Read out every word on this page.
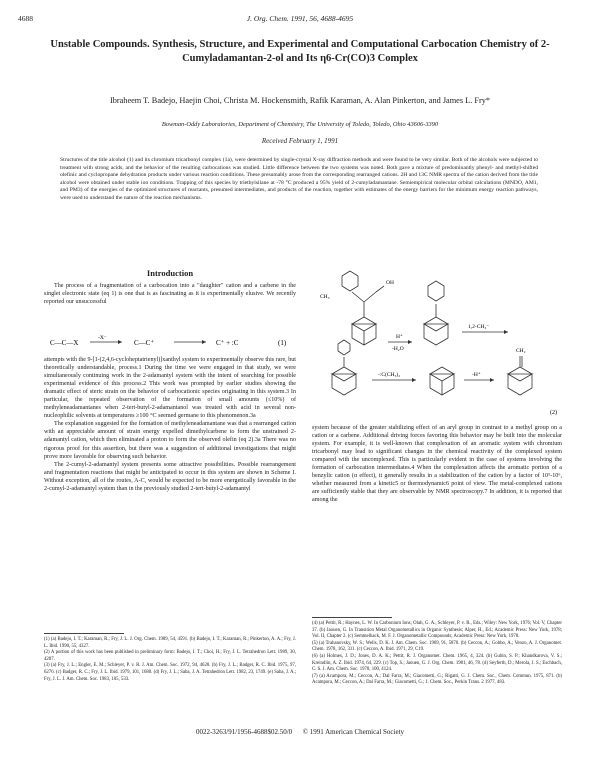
4688	J. Org. Chem. 1991, 56, 4688-4695
Unstable Compounds. Synthesis, Structure, and Experimental and Computational Carbocation Chemistry of 2-Cumyladamantan-2-ol and Its η6-Cr(CO)3 Complex
Ibraheem T. Badejo, Haejin Choi, Christa M. Hockensmith, Rafik Karaman, A. Alan Pinkerton, and James L. Fry*
Bowman-Oddy Laboratories, Department of Chemistry, The University of Toledo, Toledo, Ohio 43606-3390
Received February 1, 1991
Structures of the title alcohol (1) and its chromium tricarbonyl complex (1a), were determined by single-crystal X-ray diffraction methods and were found to be very similar. Both of the alcohols were subjected to treatment with strong acids, and the behavior of the resulting carbocations was studied. Little difference between the two systems was noted. Both gave a mixture of predominantly phenyl- and methyl-shifted olefinic and cyclopropane dehydration products under various reaction conditions. These presumably arose from the corresponding rearranged cations. 2H and 13C NMR spectra of the cation derived from the title alcohol were obtained under stable ion conditions. Trapping of this species by triethylsilane at -78 °C produced a 95% yield of 2-cumyladamantane. Semiempirical molecular orbital calculations (MNDO, AM1, and PM3) of the energies of the optimized structures of reactants, presumed intermediates, and products of the reaction, together with estimates of the energy barriers for the minimum energy reaction pathways, were used to understand the nature of the reaction mechanisms.
Introduction

The process of a fragmentation of a carbocation into a "daughter" cation and a carbene in the singlet electronic state (eq 1) is one that is as fascinating as it is experimentally elusive. We recently reported our unsuccessful

C—C—X
-X⁻
C—C⁺	C⁺ + :C	(1)

attempts with the 9-[1-(2,4,6-cycloheptatrienyl)]xanthyl system to experimentally observe this rare, but theoretically understandable, process.1 During the time we were engaged in that study, we were simultaneously continuing work in the 2-adamantyl system with the intent of searching for possible experimental evidence of this process.2 This work was prompted by earlier studies showing the dramatic effect of steric strain on the behavior of carbocationic species originating in this system.3 In particular, the repeated observation of the formation of small amounts (≤10%) of methyleneadamantanes when 2-tert-butyl-2-adamantanol was treated with acid in several non-nucleophilic solvents at temperatures ≥100 °C seemed germane to this phenomenon.3a

The explanation suggested for the formation of methyleneadamantane was that a rearranged cation with an appreciable amount of strain energy expelled dimethylcarbene to form the unstrained 2-adamantyl cation, which then eliminated a proton to form the observed olefin (eq 2).3a There was no rigorous proof for this assertion, but there was a suggestion of additional investigations that might prove more favorable for observing such behavior.

The 2-cumyl-2-adamantyl system presents some attractive possibilities. Possible rearrangement and fragmentation reactions that might be anticipated to occur in this system are shown in Scheme I. Without exception, all of the routes, A-C, would be expected to be more energetically favorable in the 2-cumyl-2-adamantyl system than in the previously studied 2-tert-butyl-2-adamantyl

(1) (a) Badejo, I. T.; Karaman, R.; Fry, J. L. J. Org. Chem. 1989, 54, 4591. (b) Badejo, I. T.; Karaman, R.; Pinkerton, A. A.; Fry, J. L. Ibid. 1990, 55, 4327.
(2) A portion of this work has been published in preliminary form: Badejo, I. T.; Choi, H.; Fry, J. L. Tetrahedron Lett. 1989, 30, 4287.
(3) (a) Fry, J. L.; Engler, E. M.; Schleyer, P. v. R. J. Am. Chem. Soc. 1972, 94, 4628. (b) Fry, J. L.; Badger, R. C. Ibid. 1975, 97, 6276. (c) Badger, R. C.; Fry, J. L. Ibid. 1979, 101, 1680. (d) Fry, J. L.; Saba, J. A. Tetrahedron Lett. 1982, 23, 1749. (e) Saba, J. A.; Fry, J. L. J. Am. Chem. Soc. 1983, 105, 533.
CH₃
OH
H⁺
-H₂O
1,2-CH₃⁻
-:C(CH₃)₂	-H⁺
CH₂
(2)

system because of the greater stabilizing effect of an aryl group in contrast to a methyl group on a cation or a carbene. Additional driving forces favoring this behavior may be built into the molecular system. For example, it is well-known that complexation of an aromatic system with chromium tricarbonyl may lead to significant changes in the chemical reactivity of the complexed system compared with the uncomplexed. This is particularly evident in the case of systems involving the formation of carbocation intermediates.4 When the complexation affects the aromatic portion of a benzylic cation (α effect), it generally results in a stabilization of the cation by a factor of 10⁵-10⁶, whether measured from a kinetic5 or thermodynamic6 point of view. The metal-complexed cations are sufficiently stable that they are observable by NMR spectroscopy.7 In addition, it is reported that among the

(4) (a) Pettit, R.; Haynes, L. W. In Carbonium Ions; Olah, G. A., Schleyer, P. v. R., Eds.; Wiley: New York, 1976; Vol. V, Chapter 37. (b) Jaouen, G. In Transition Metal Organometallics in Organic Synthesis; Alper, H., Ed.; Academic Press: New York, 1978; Vol. II, Chapter 2. (c) Semmelhack, M. F. J. Organometallic Compounds; Academic Press: New York, 1978.
(5) (a) Trahanovsky, W. S.; Wells, D. K. J. Am. Chem. Soc. 1969, 91, 5870. (b) Ceccon, A.; Gobbo, A.; Venzo, A. J. Organomet. Chem. 1978, 162, 311. (c) Ceccon, A. Ibid. 1971, 29, C19.
(6) (a) Holmes, J. D.; Jones, D. A. K.; Pettit, R. J. Organomet. Chem. 1965, 4, 324. (b) Gubin, S. P.; Khandkarova, V. S.; Kreindlin, A. Z. Ibid. 1974, 64, 229. (c) Top, S.; Jaouen, G. J. Org. Chem. 1981, 46, 78. (d) Seyferth, D.; Merola, J. S.; Eschbach, C. S. J. Am. Chem. Soc. 1978, 100, 4124.
(7) (a) Acampora, M.; Ceccon, A.; Dal Farra, M.; Giacometti, G.; Rigatti, G. J. Chem. Soc., Chem. Commun. 1975, 871. (b) Acampora, M.; Ceccon, A.; Dal Farra, M.; Giacometti, G.; J. Chem. Soc., Perkin Trans. 2 1977, 483.
0022-3263/91/1956-4688$02.50/0 © 1991 American Chemical Society
